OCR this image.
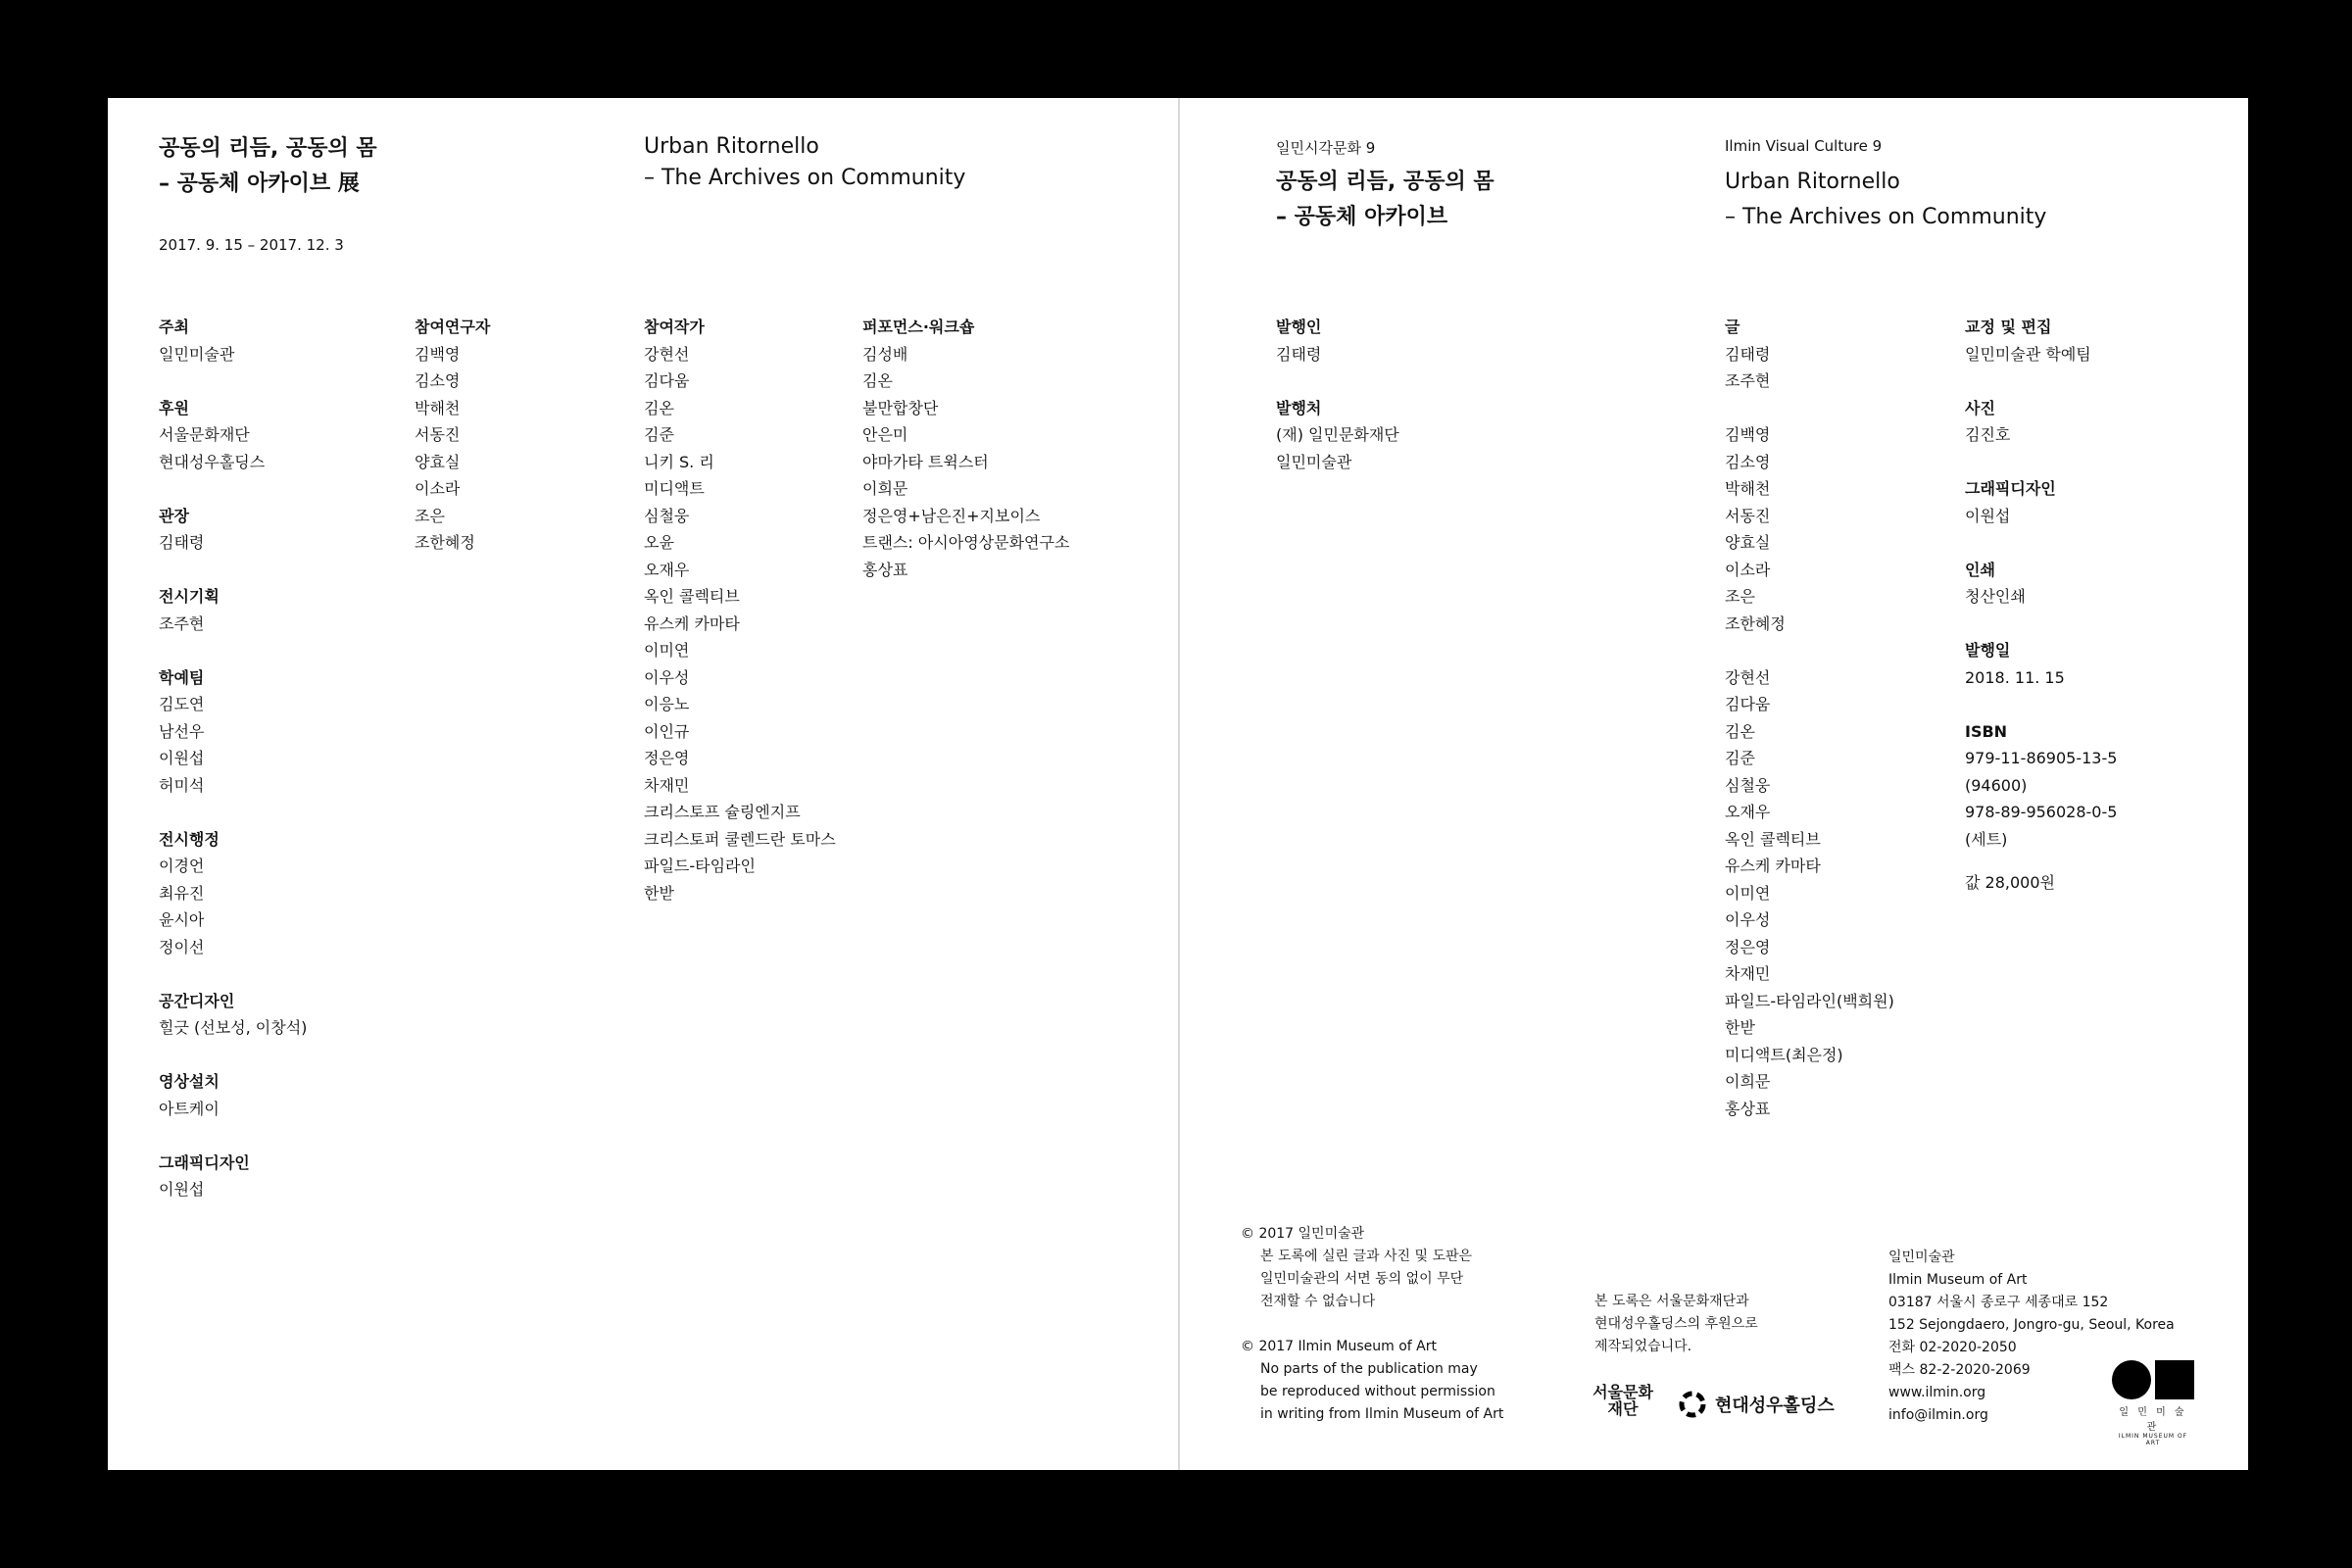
공동의 리듬, 공동의 몸
– 공동체 아카이브 展
Urban Ritornello
– The Archives on Community
2017. 9. 15 – 2017. 12. 3
주최
일민미술관
후원
서울문화재단
현대성우홀딩스
관장
김태령
전시기획
조주현
학예팀
김도연
남선우
이원섭
허미석
전시행정
이경언
최유진
윤시아
정이선
공간디자인
힐긋 (선보성, 이창석)
영상설치
아트케이
그래픽디자인
이원섭
참여연구자
김백영
김소영
박해천
서동진
양효실
이소라
조은
조한혜정
참여작가
강현선
김다움
김온
김준
니키 S. 리
미디액트
심철웅
오윤
오재우
옥인 콜렉티브
유스케 카마타
이미연
이우성
이응노
이인규
정은영
차재민
크리스토프 슐링엔지프
크리스토퍼 쿨렌드란 토마스
파일드-타임라인
한받
퍼포먼스·워크숍
김성배
김온
불만합창단
안은미
야마가타 트윅스터
이희문
정은영+남은진+지보이스
트랜스: 아시아영상문화연구소
홍상표
일민시각문화 9	Ilmin Visual Culture 9
공동의 리듬, 공동의 몸
– 공동체 아카이브
Urban Ritornello
– The Archives on Community
발행인
김태령
발행처
(재) 일민문화재단
일민미술관
글
김태령
조주현
김백영
김소영
박해천
서동진
양효실
이소라
조은
조한혜정
강현선
김다움
김온
김준
심철웅
오재우
옥인 콜렉티브
유스케 카마타
이미연
이우성
정은영
차재민
파일드-타임라인(백희원)
한받
미디액트(최은정)
이희문
홍상표
교정 및 편집
일민미술관 학예팀
사진
김진호
그래픽디자인
이원섭
인쇄
청산인쇄
발행일
2018. 11. 15
ISBN
979-11-86905-13-5
(94600)
978-89-956028-0-5
(세트)
값 28,000원
© 2017 일민미술관
본 도록에 실린 글과 사진 및 도판은
일민미술관의 서면 동의 없이 무단
전재할 수 없습니다
© 2017 Ilmin Museum of Art
No parts of the publication may
be reproduced without permission
in writing from Ilmin Museum of Art
본 도록은 서울문화재단과
현대성우홀딩스의 후원으로
제작되었습니다.
서울문화재단	현대성우홀딩스
일민미술관
Ilmin Museum of Art
03187 서울시 종로구 세종대로 152
152 Sejongdaero, Jongro-gu, Seoul, Korea
전화 02-2020-2050
팩스 82-2-2020-2069
www.ilmin.org
info@ilmin.org	일 민 미 술 관
ILMIN MUSEUM OF ART
